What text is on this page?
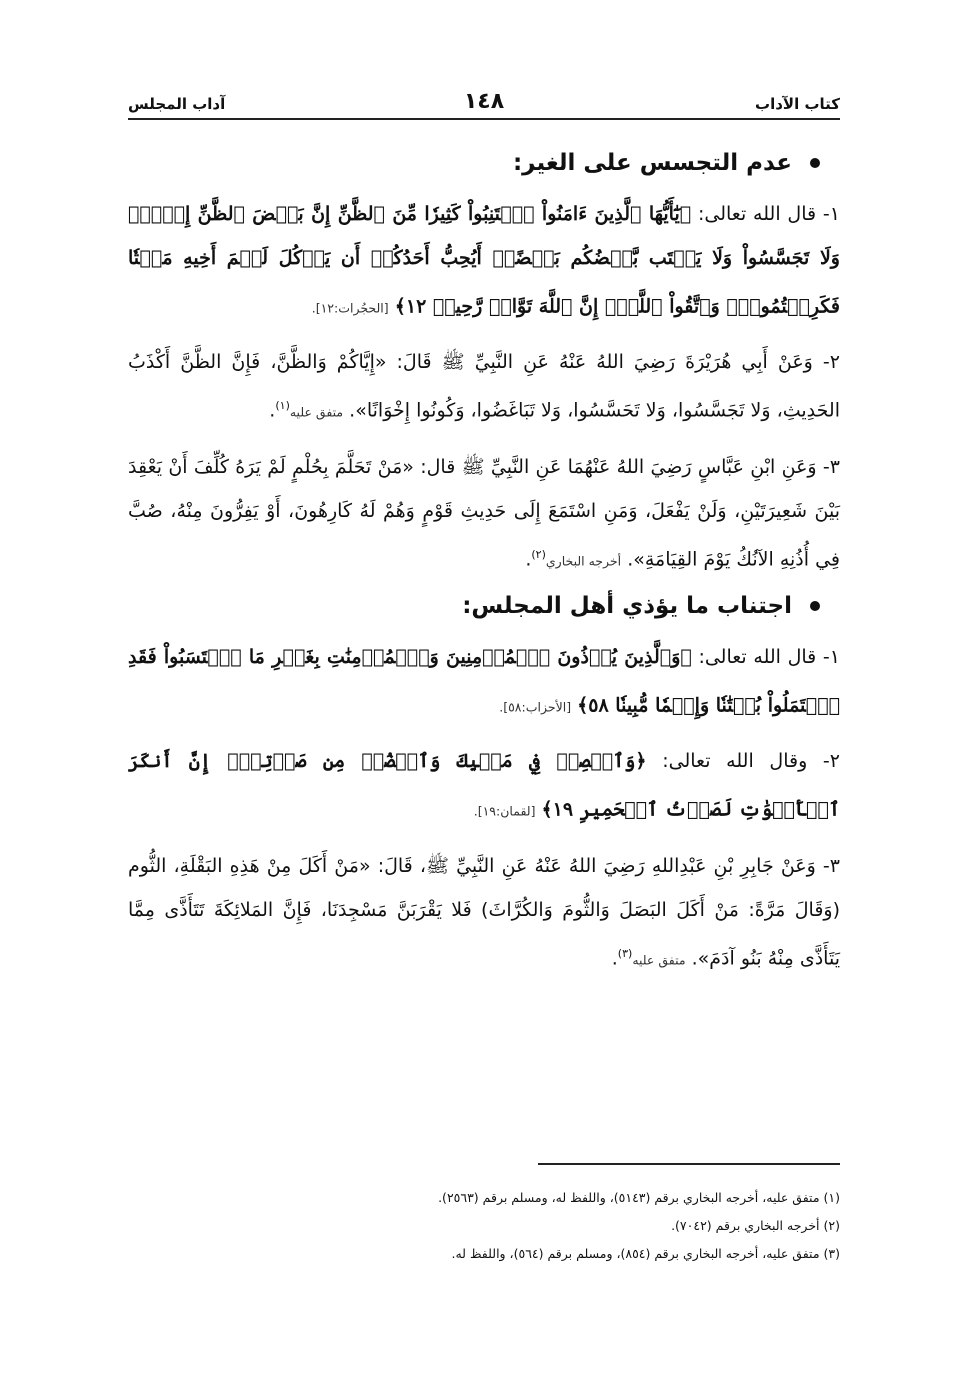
كتاب الآداب
١٤٨
آداب المجلس
عدم التجسس على الغير:
١- قال الله تعالى: ﴿يَٰٓأَيُّهَا ٱلَّذِينَ ءَامَنُواْ ٱجۡتَنِبُواْ كَثِيرٗا مِّنَ ٱلظَّنِّ إِنَّ بَعۡضَ ٱلظَّنِّ إِثۡمٞۖ وَلَا تَجَسَّسُواْ وَلَا يَغۡتَب بَّعۡضُكُم بَعۡضًاۚ أَيُحِبُّ أَحَدُكُمۡ أَن يَأۡكُلَ لَحۡمَ أَخِيهِ مَيۡتٗا فَكَرِهۡتُمُوهُۚ وَٱتَّقُواْ ٱللَّهَۚ إِنَّ ٱللَّهَ تَوَّابٞ رَّحِيمٞ ١٢﴾ [الحجُرات:١٢].
٢- وَعَنْ أَبِي هُرَيْرَةَ رَضِيَ اللهُ عَنْهُ عَنِ النَّبِيِّ ﷺ قَالَ: «إِيَّاكُمْ وَالظَّنَّ، فَإِنَّ الظَّنَّ أَكْذَبُ الحَدِيثِ، وَلا تَجَسَّسُوا، وَلا تَحَسَّسُوا، وَلا تَبَاغَضُوا، وَكُونُوا إِخْوَانًا». متفق عليه$^{(١)}$.
٣- وَعَنِ ابْنِ عَبَّاسٍ رَضِيَ اللهُ عَنْهُمَا عَنِ النَّبِيِّ ﷺ قال: «مَنْ تَحَلَّمَ بِحُلْمٍ لَمْ يَرَهُ كُلِّفَ أَنْ يَعْقِدَ بَيْنَ شَعِيرَتَيْنِ، وَلَنْ يَفْعَلَ، وَمَنِ اسْتَمَعَ إِلَى حَدِيثِ قَوْمٍ وَهُمْ لَهُ كَارِهُونَ، أَوْ يَفِرُّونَ مِنْهُ، صُبَّ فِي أُذُنِهِ الآنُكُ يَوْمَ القِيَامَةِ». أخرجه البخاري$^{(٢)}$.
اجتناب ما يؤذي أهل المجلس:
١- قال الله تعالى: ﴿وَٱلَّذِينَ يُؤۡذُونَ ٱلۡمُؤۡمِنِينَ وَٱلۡمُؤۡمِنَٰتِ بِغَيۡرِ مَا ٱكۡتَسَبُواْ فَقَدِ ٱحۡتَمَلُواْ بُهۡتَٰنٗا وَإِثۡمٗا مُّبِينٗا ٥٨﴾ [الأحزاب:٥٨].
٢- وقال الله تعالى: ﴿وَٱقۡصِدۡ فِي مَشۡيِكَ وَٱغۡضُضۡ مِن صَوۡتِكَۚ إِنَّ أَنكَرَ ٱلۡأَصۡوَٰتِ لَصَوۡتُ ٱلۡحَمِيرِ ١٩﴾ [لقمان:١٩].
٣- وَعَنْ جَابِرِ بْنِ عَبْدِاللهِ رَضِيَ اللهُ عَنْهُ عَنِ النَّبِيِّ ﷺ، قَالَ: «مَنْ أَكَلَ مِنْ هَذِهِ البَقْلَةِ، الثُّوم (وَقَالَ مَرَّةً: مَنْ أَكَلَ البَصَلَ وَالثُّومَ وَالكُرَّاثَ) فَلا يَقْرَبَنَّ مَسْجِدَنَا، فَإِنَّ المَلائِكَةَ تَتَأَذَّى مِمَّا يَتَأَذَّى مِنْهُ بَنُو آدَمَ». متفق عليه$^{(٣)}$.
(١) متفق عليه، أخرجه البخاري برقم (٥١٤٣)، واللفظ له، ومسلم برقم (٢٥٦٣).
(٢) أخرجه البخاري برقم (٧٠٤٢).
(٣) متفق عليه، أخرجه البخاري برقم (٨٥٤)، ومسلم برقم (٥٦٤)، واللفظ له.
